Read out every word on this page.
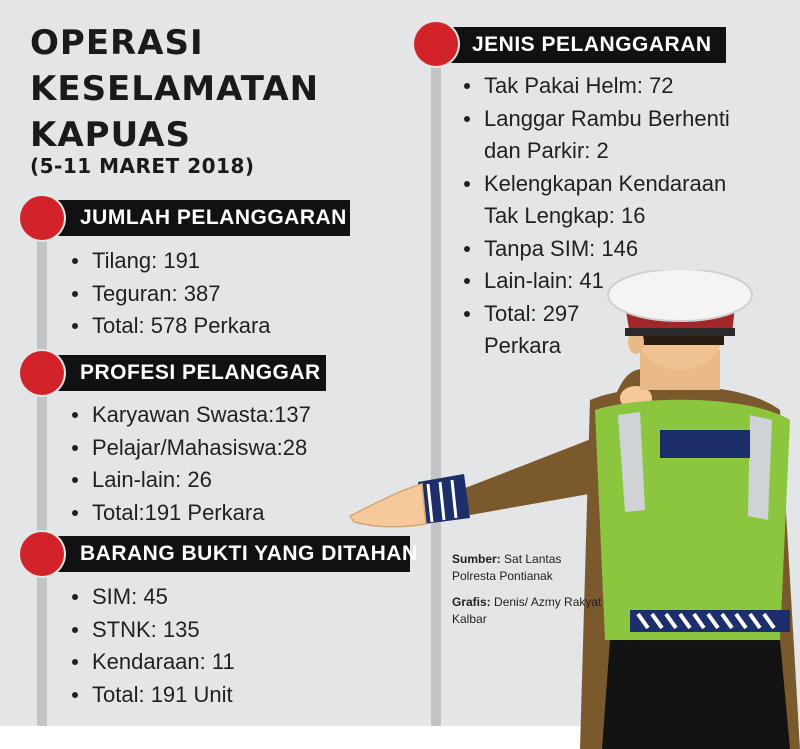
OPERASI
KESELAMATAN
KAPUAS
(5-11 MARET 2018)
JUMLAH PELANGGARAN
Tilang: 191
Teguran: 387
Total: 578 Perkara
PROFESI PELANGGAR
Karyawan Swasta:137
Pelajar/Mahasiswa:28
Lain-lain: 26
Total:191 Perkara
BARANG BUKTI YANG DITAHAN
SIM: 45
STNK: 135
Kendaraan: 11
Total: 191 Unit
JENIS PELANGGARAN
Tak Pakai Helm: 72
Langgar Rambu Berhenti dan Parkir: 2
Kelengkapan Kendaraan Tak Lengkap: 16
Tanpa SIM: 146
Lain-lain: 41
Total: 297 Perkara
Sumber: Sat Lantas Polresta Pontianak
Grafis: Denis/ Azmy Rakyat Kalbar
